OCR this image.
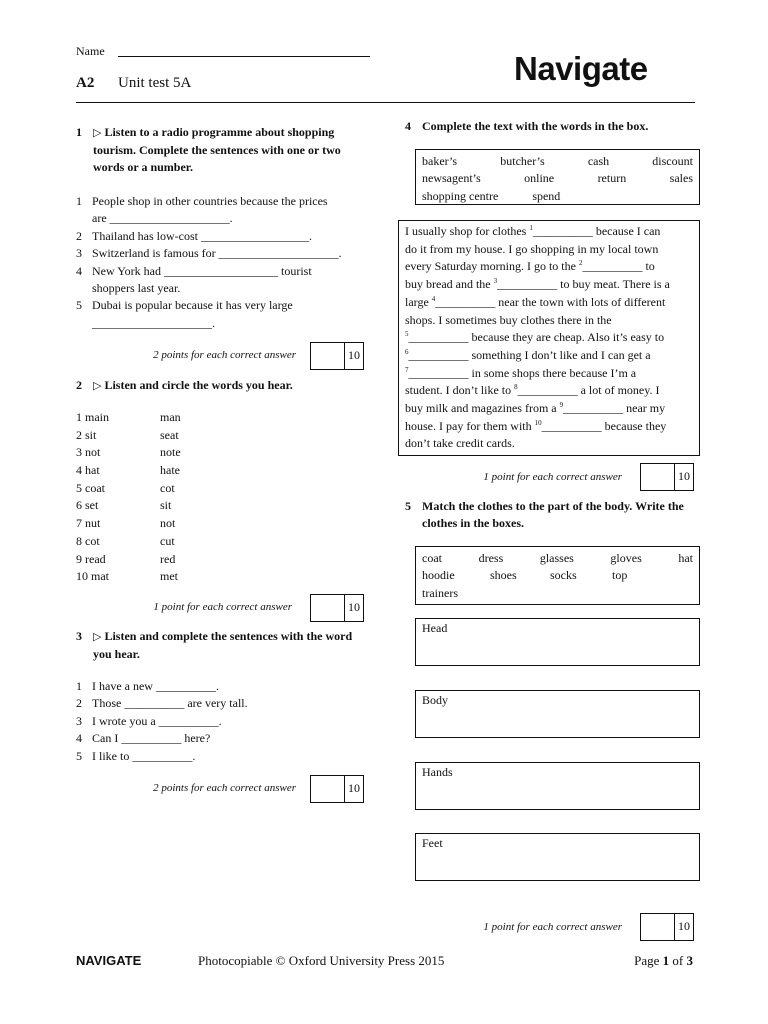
Name
A2 Unit test 5A	Navigate
1	▷ Listen to a radio programme about shopping tourism. Complete the sentences with one or two words or a number.
1 People shop in other countries because the prices
are ____________________.
2 Thailand has low-cost __________________.
3 Switzerland is famous for ____________________.
4 New York had ___________________ tourist
shoppers last year.
5 Dubai is popular because it has very large
____________________.
2 points for each correct answer	10
2	▷ Listen and circle the words you hear.
1 main	man
2 sit	seat
3 not	note
4 hat	hate
5 coat	cot
6 set	sit
7 nut	not
8 cot	cut
9 read	red
10 mat	met
1 point for each correct answer	10
3	▷ Listen and complete the sentences with the word you hear.
1 I have a new __________.
2 Those __________ are very tall.
3 I wrote you a __________.
4 Can I __________ here?
5 I like to __________.
2 points for each correct answer	10
4 Complete the text with the words in the box.
baker’s	butcher’s	cash	discount
newsagent’s	online	return	sales
shopping centre	spend
I usually shop for clothes $^1$__________ because I can
do it from my house. I go shopping in my local town
every Saturday morning. I go to the $^2$__________ to
buy bread and the $^3$__________ to buy meat. There is a
large $^4$__________ near the town with lots of different
shops. I sometimes buy clothes there in the
$^5$__________ because they are cheap. Also it’s easy to
$^6$__________ something I don’t like and I can get a
$^7$__________ in some shops there because I’m a
student. I don’t like to $^8$__________ a lot of money. I
buy milk and magazines from a $^9$__________ near my
house. I pay for them with $^{10}$__________ because they
don’t take credit cards.
1 point for each correct answer	10
5 Match the clothes to the part of the body. Write the clothes in the boxes.
coat	dress	glasses	gloves	hat
hoodie	shoes	socks	top
trainers
Head
Body
Hands
Feet
1 point for each correct answer	10
NAVIGATE	Photocopiable © Oxford University Press 2015	Page 1 of 3
